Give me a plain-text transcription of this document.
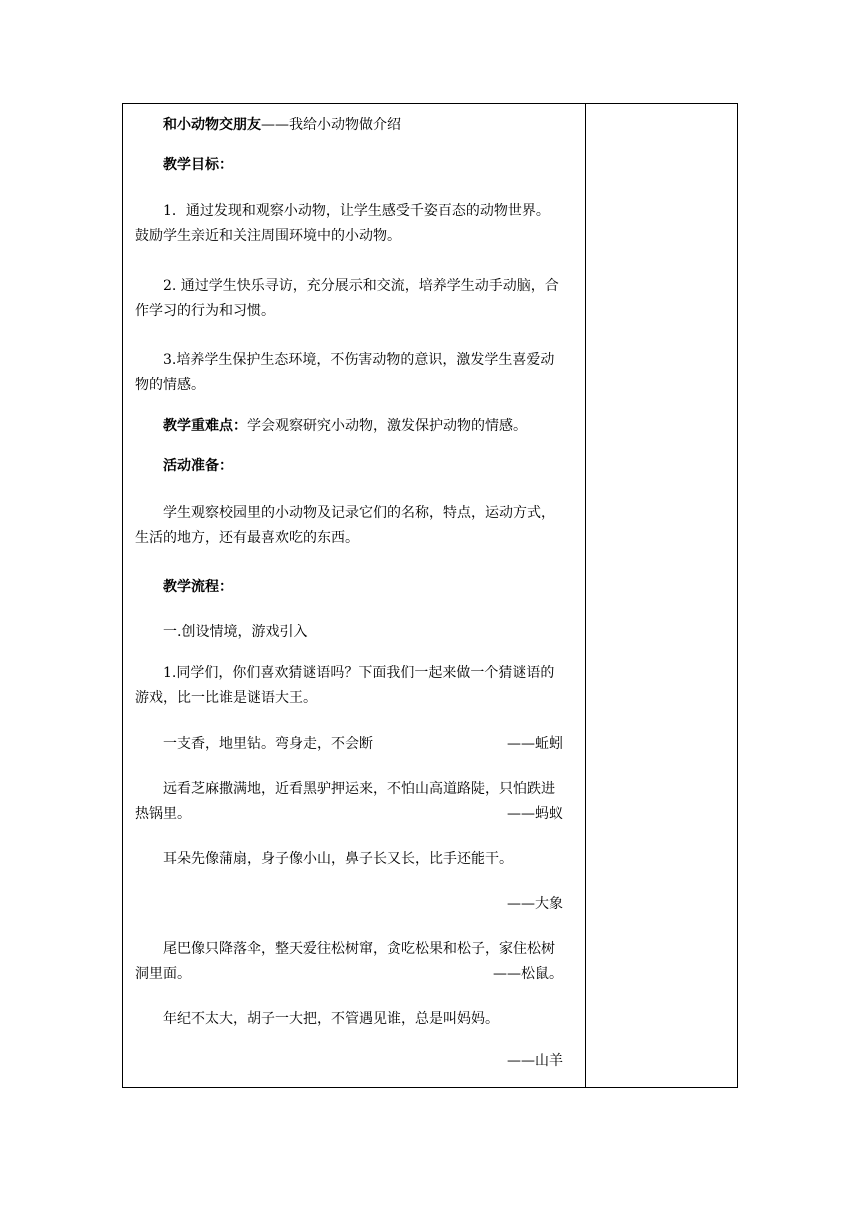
和小动物交朋友——我给小动物做介绍

教学目标：

1．通过发现和观察小动物，让学生感受千姿百态的动物世界。鼓励学生亲近和关注周围环境中的小动物。

2. 通过学生快乐寻访，充分展示和交流，培养学生动手动脑，合作学习的行为和习惯。

3.培养学生保护生态环境，不伤害动物的意识，激发学生喜爱动物的情感。

教学重难点：学会观察研究小动物，激发保护动物的情感。

活动准备：

学生观察校园里的小动物及记录它们的名称，特点，运动方式，生活的地方，还有最喜欢吃的东西。

教学流程：

一.创设情境，游戏引入

1.同学们，你们喜欢猜谜语吗？下面我们一起来做一个猜谜语的游戏，比一比谁是谜语大王。

一支香，地里钻。弯身走，不会断	——蚯蚓

远看芝麻撒满地，近看黑驴押运来，不怕山高道路陡，只怕跌进热锅里。	——蚂蚁

耳朵先像蒲扇，身子像小山，鼻子长又长，比手还能干。

——大象

尾巴像只降落伞，整天爱往松树窜，贪吃松果和松子，家住松树洞里面。	——松鼠。

年纪不太大，胡子一大把，不管遇见谁，总是叫妈妈。

——山羊
